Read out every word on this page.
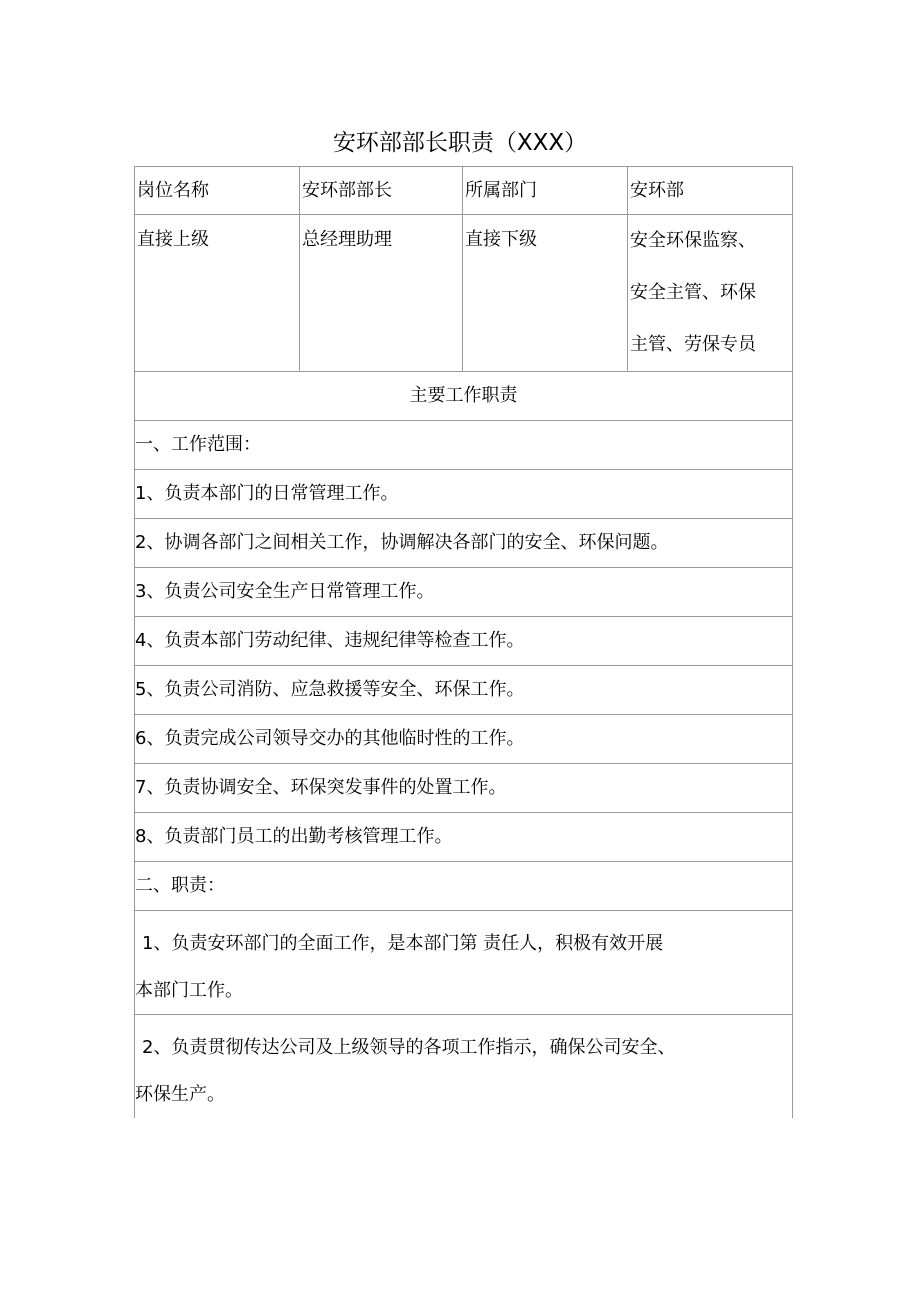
安环部部长职责（XXX）
岗位名称	安环部部长	所属部门	安环部

直接上级	总经理助理	直接下级	安全环保监察、
安全主管、环保
主管、劳保专员

主要工作职责			

一、工作范围：			

1、负责本部门的日常管理工作。			

2、协调各部门之间相关工作，协调解决各部门的安全、环保问题。			

3、负责公司安全生产日常管理工作。			

4、负责本部门劳动纪律、违规纪律等检查工作。			

5、负责公司消防、应急救援等安全、环保工作。			

6、负责完成公司领导交办的其他临时性的工作。			

7、负责协调安全、环保突发事件的处置工作。			

8、负责部门员工的出勤考核管理工作。			

二、职责：			

1、负责安环部门的全面工作，是本部门第 责任人，积极有效开展
本部门工作。			

2、负责贯彻传达公司及上级领导的各项工作指示，确保公司安全、
环保生产。			
